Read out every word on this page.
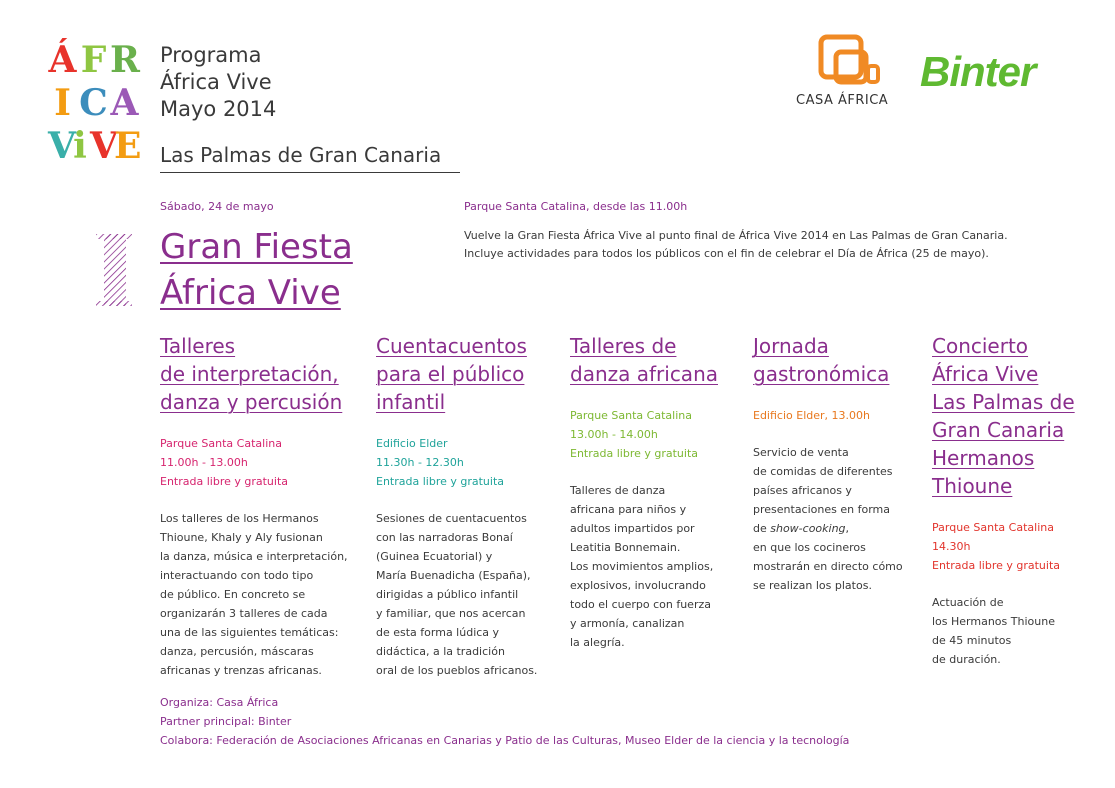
Á F R
I C A
V
i V
E
Programa
África Vive
Mayo 2014
Las Palmas de Gran Canaria
CASA ÁFRICA
Binter
Sábado, 24 de mayo	Parque Santa Catalina, desde las 11.00h
Vuelve la Gran Fiesta África Vive al punto final de África Vive 2014 en Las Palmas de Gran Canaria.
Incluye actividades para todos los públicos con el fin de celebrar el Día de África (25 de mayo).
Gran Fiesta
África Vive
Talleres
de interpretación,
danza y percusión
Parque Santa Catalina
11.00h - 13.00h
Entrada libre y gratuita
Los talleres de los Hermanos
Thioune, Khaly y Aly fusionan
la danza, música e interpretación,
interactuando con todo tipo
de público. En concreto se
organizarán 3 talleres de cada
una de las siguientes temáticas:
danza, percusión, máscaras
africanas y trenzas africanas.
Cuentacuentos
para el público
infantil
Edificio Elder
11.30h - 12.30h
Entrada libre y gratuita
Sesiones de cuentacuentos
con las narradoras Bonaí
(Guinea Ecuatorial) y
María Buenadicha (España),
dirigidas a público infantil
y familiar, que nos acercan
de esta forma lúdica y
didáctica, a la tradición
oral de los pueblos africanos.
Talleres de
danza africana
Parque Santa Catalina
13.00h - 14.00h
Entrada libre y gratuita
Talleres de danza
africana para niños y
adultos impartidos por
Leatitia Bonnemain.
Los movimientos amplios,
explosivos, involucrando
todo el cuerpo con fuerza
y armonía, canalizan
la alegría.
Jornada
gastronómica
Edificio Elder, 13.00h
Servicio de venta
de comidas de diferentes
países africanos y
presentaciones en forma
de show-cooking,
en que los cocineros
mostrarán en directo cómo
se realizan los platos.
Concierto
África Vive
Las Palmas de
Gran Canaria
Hermanos
Thioune
Parque Santa Catalina
14.30h
Entrada libre y gratuita
Actuación de
los Hermanos Thioune
de 45 minutos
de duración.
Organiza: Casa África
Partner principal: Binter
Colabora: Federación de Asociaciones Africanas en Canarias y Patio de las Culturas, Museo Elder de la ciencia y la tecnología
